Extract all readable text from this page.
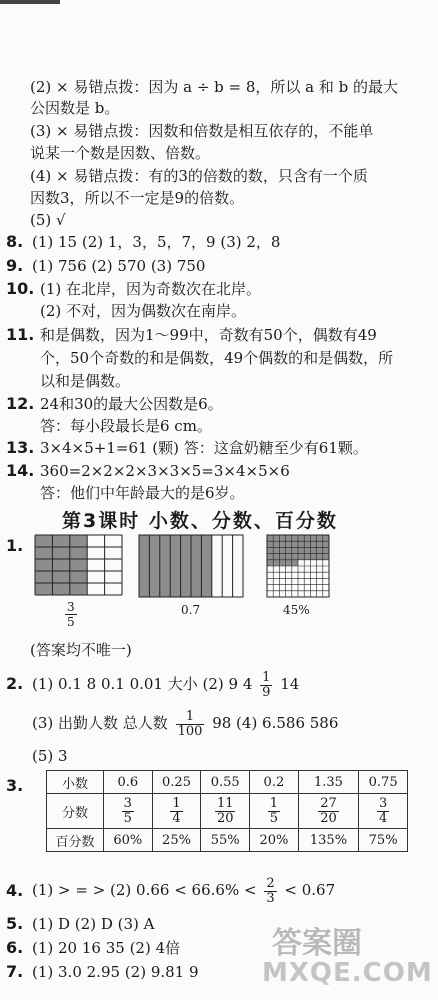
(2) × 易错点拨：因为 a ÷ b = 8，所以 a 和 b 的最大
公因数是 b。
(3) × 易错点拨：因数和倍数是相互依存的，不能单
说某一个数是因数、倍数。
(4) × 易错点拨：有的3的倍数的数，只含有一个质
因数3，所以不一定是9的倍数。
(5) √
8. (1) 15 (2) 1，3，5，7，9 (3) 2，8
9. (1) 756 (2) 570 (3) 750
10. (1) 在北岸，因为奇数次在北岸。
(2) 不对，因为偶数次在南岸。
11. 和是偶数，因为1～99中，奇数有50个，偶数有49
个，50个奇数的和是偶数，49个偶数的和是偶数，所
以和是偶数。
12. 24和30的最大公因数是6。
答：每小段最长是6 cm。
13. 3×4×5+1=61 (颗) 答：这盒奶糖至少有61颗。
14. 360=2×2×2×3×3×5=3×4×5×6
答：他们中年龄最大的是6岁。
第3课时 小数、分数、百分数
1.
$\frac{3}{5}$	0.7	45%
(答案均不唯一)
2. (1) 0.1 8 0.1 0.01 大小 (2) 9 $4 \frac{1}{9} 14$
(3) 出勤人数 总人数 $\frac{1}{100} 98$ (4) 6.586 586
(5) 3
3.	小数	0.6	0.25	0.55	0.2	1.35	0.75
分数	$\frac{3}{5}$	$\frac{1}{4}$	$\frac{11}{20}$	$\frac{1}{5}$	$\frac{27}{20}$	$\frac{3}{4}$

百分数	60%	25%	55%	20%	135%	75%
4. (1) > = > (2) $0.66 < 66.6\% < \frac{2}{3} < 0.67$
5. (1) D (2) D (3) A
6. (1) 20 16 35 (2) 4倍
7. (1) 3.0 2.95 (2) 9.81 9
答案圈
MXQE.COM
